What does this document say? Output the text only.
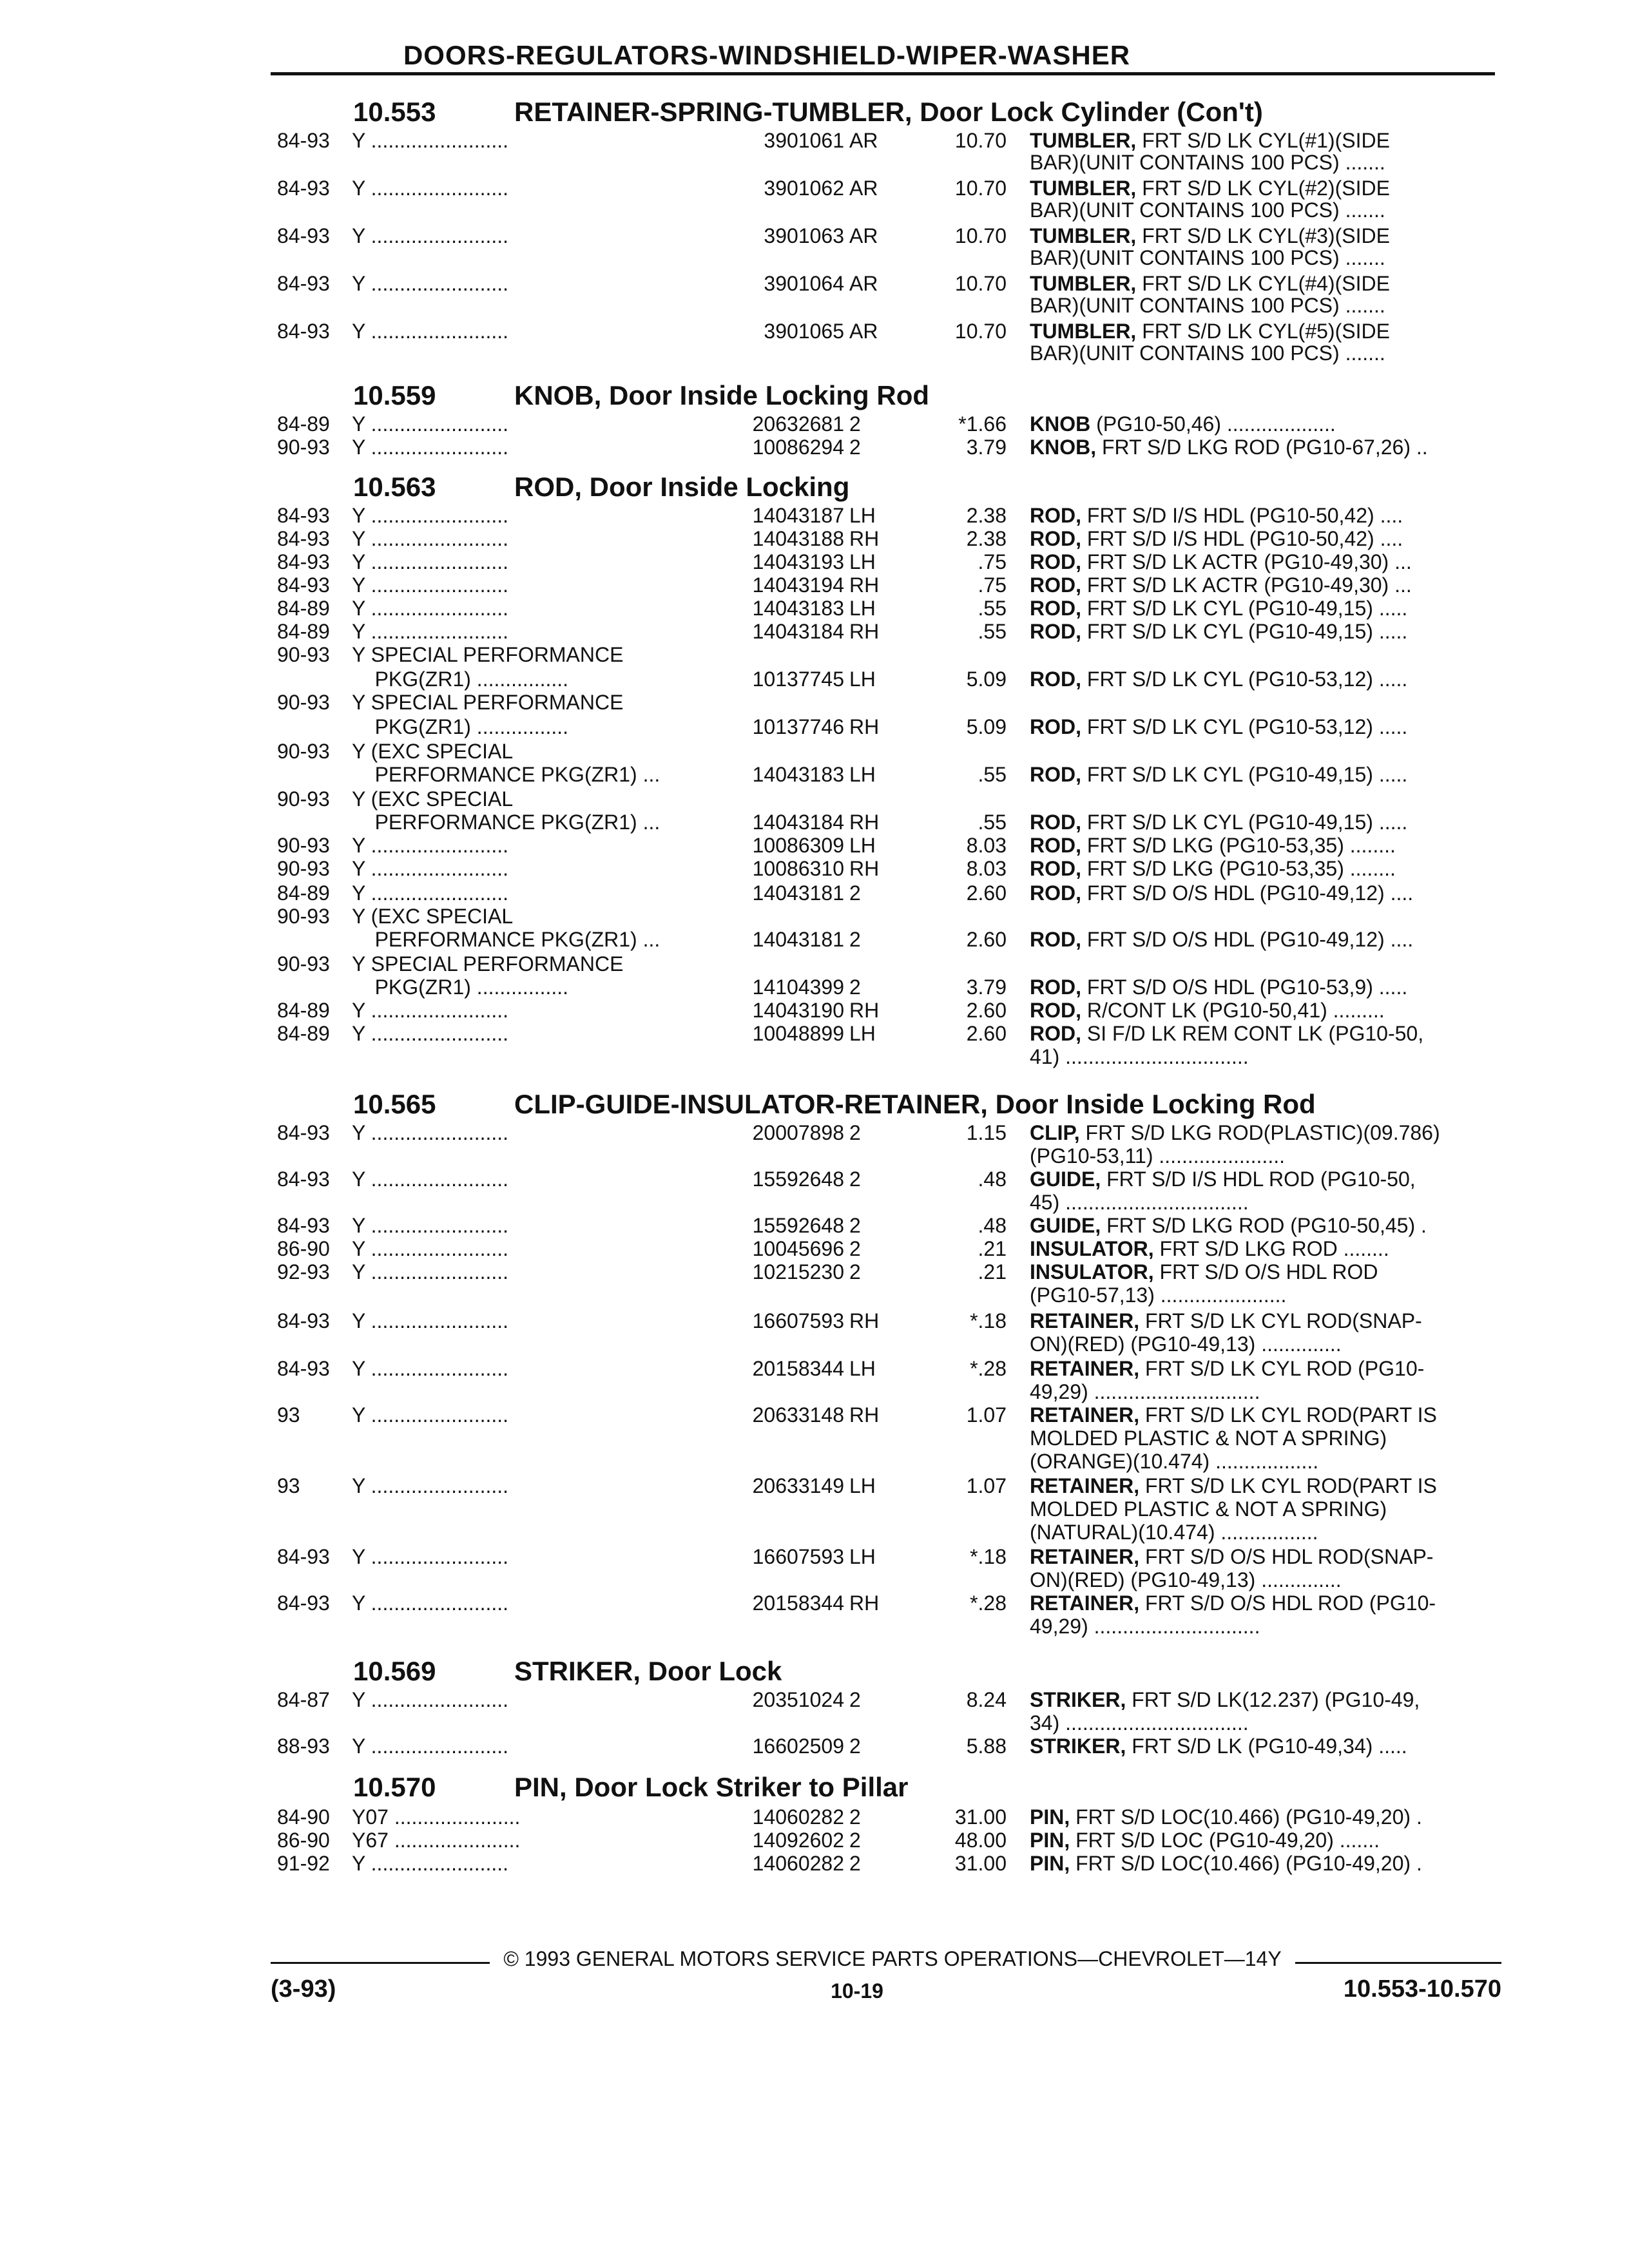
DOORS-REGULATORS-WINDSHIELD-WIPER-WASHER
10.553	RETAINER-SPRING-TUMBLER, Door Lock Cylinder (Con't)
10.559	KNOB, Door Inside Locking Rod
10.563	ROD, Door Inside Locking
10.565	CLIP-GUIDE-INSULATOR-RETAINER, Door Inside Locking Rod
10.569	STRIKER, Door Lock
10.570	PIN, Door Lock Striker to Pillar
84-93 Y ........................	3901061 AR	10.70 TUMBLER, FRT S/D LK CYL(#1)(SIDE
BAR)(UNIT CONTAINS 100 PCS) .......
84-93 Y ........................	3901062 AR	10.70 TUMBLER, FRT S/D LK CYL(#2)(SIDE
BAR)(UNIT CONTAINS 100 PCS) .......
84-93 Y ........................	3901063 AR	10.70 TUMBLER, FRT S/D LK CYL(#3)(SIDE
BAR)(UNIT CONTAINS 100 PCS) .......
84-93 Y ........................	3901064 AR	10.70 TUMBLER, FRT S/D LK CYL(#4)(SIDE
BAR)(UNIT CONTAINS 100 PCS) .......
84-93 Y ........................	3901065 AR	10.70 TUMBLER, FRT S/D LK CYL(#5)(SIDE
BAR)(UNIT CONTAINS 100 PCS) .......
84-89 Y ........................	20632681 2	*1.66 KNOB (PG10-50,46) ...................
90-93 Y ........................	10086294 2	3.79 KNOB, FRT S/D LKG ROD (PG10-67,26) ..
84-93 Y ........................	14043187 LH	2.38 ROD, FRT S/D I/S HDL (PG10-50,42) ....
84-93 Y ........................	14043188 RH	2.38 ROD, FRT S/D I/S HDL (PG10-50,42) ....
84-93 Y ........................	14043193 LH	.75 ROD, FRT S/D LK ACTR (PG10-49,30) ...
84-93 Y ........................	14043194 RH	.75 ROD, FRT S/D LK ACTR (PG10-49,30) ...
84-89 Y ........................	14043183 LH	.55 ROD, FRT S/D LK CYL (PG10-49,15) .....
84-89 Y ........................	14043184 RH	.55 ROD, FRT S/D LK CYL (PG10-49,15) .....
90-93 Y SPECIAL PERFORMANCE
PKG(ZR1) ................	10137745 LH	5.09 ROD, FRT S/D LK CYL (PG10-53,12) .....
90-93 Y SPECIAL PERFORMANCE
PKG(ZR1) ................	10137746 RH	5.09 ROD, FRT S/D LK CYL (PG10-53,12) .....
90-93 Y (EXC SPECIAL
PERFORMANCE PKG(ZR1) ...	14043183 LH	.55 ROD, FRT S/D LK CYL (PG10-49,15) .....
90-93 Y (EXC SPECIAL
PERFORMANCE PKG(ZR1) ...	14043184 RH	.55 ROD, FRT S/D LK CYL (PG10-49,15) .....
90-93 Y ........................	10086309 LH	8.03 ROD, FRT S/D LKG (PG10-53,35) ........
90-93 Y ........................	10086310 RH	8.03 ROD, FRT S/D LKG (PG10-53,35) ........
84-89 Y ........................	14043181 2	2.60 ROD, FRT S/D O/S HDL (PG10-49,12) ....
90-93 Y (EXC SPECIAL
PERFORMANCE PKG(ZR1) ...	14043181 2	2.60 ROD, FRT S/D O/S HDL (PG10-49,12) ....
90-93 Y SPECIAL PERFORMANCE
PKG(ZR1) ................	14104399 2	3.79 ROD, FRT S/D O/S HDL (PG10-53,9) .....
84-89 Y ........................	14043190 RH	2.60 ROD, R/CONT LK (PG10-50,41) .........
84-89 Y ........................	10048899 LH	2.60 ROD, SI F/D LK REM CONT LK (PG10-50,
41) ................................
84-93 Y ........................	20007898 2	1.15 CLIP, FRT S/D LKG ROD(PLASTIC)(09.786)
(PG10-53,11) ......................
84-93 Y ........................	15592648 2	.48 GUIDE, FRT S/D I/S HDL ROD (PG10-50,
45) ................................
84-93 Y ........................	15592648 2	.48 GUIDE, FRT S/D LKG ROD (PG10-50,45) .
86-90 Y ........................	10045696 2	.21 INSULATOR, FRT S/D LKG ROD ........
92-93 Y ........................	10215230 2	.21 INSULATOR, FRT S/D O/S HDL ROD
(PG10-57,13) ......................
84-93 Y ........................	16607593 RH	*.18 RETAINER, FRT S/D LK CYL ROD(SNAP-
ON)(RED) (PG10-49,13) ..............
84-93 Y ........................	20158344 LH	*.28 RETAINER, FRT S/D LK CYL ROD (PG10-
49,29) .............................
93	Y ........................	20633148 RH	1.07 RETAINER, FRT S/D LK CYL ROD(PART IS
MOLDED PLASTIC & NOT A SPRING)
(ORANGE)(10.474) ..................
93	Y ........................	20633149 LH	1.07 RETAINER, FRT S/D LK CYL ROD(PART IS
MOLDED PLASTIC & NOT A SPRING)
(NATURAL)(10.474) .................
84-93 Y ........................	16607593 LH	*.18 RETAINER, FRT S/D O/S HDL ROD(SNAP-
ON)(RED) (PG10-49,13) ..............
84-93 Y ........................	20158344 RH	*.28 RETAINER, FRT S/D O/S HDL ROD (PG10-
49,29) .............................
84-87 Y ........................	20351024 2	8.24 STRIKER, FRT S/D LK(12.237) (PG10-49,
34) ................................
88-93 Y ........................	16602509 2	5.88 STRIKER, FRT S/D LK (PG10-49,34) .....
84-90 Y07 ......................	14060282 2	31.00 PIN, FRT S/D LOC(10.466) (PG10-49,20) .
86-90 Y67 ......................	14092602 2	48.00 PIN, FRT S/D LOC (PG10-49,20) .......
91-92 Y ........................	14060282 2	31.00 PIN, FRT S/D LOC(10.466) (PG10-49,20) .
© 1993 GENERAL MOTORS SERVICE PARTS OPERATIONS—CHEVROLET—14Y
(3-93)	10-19	10.553-10.570
